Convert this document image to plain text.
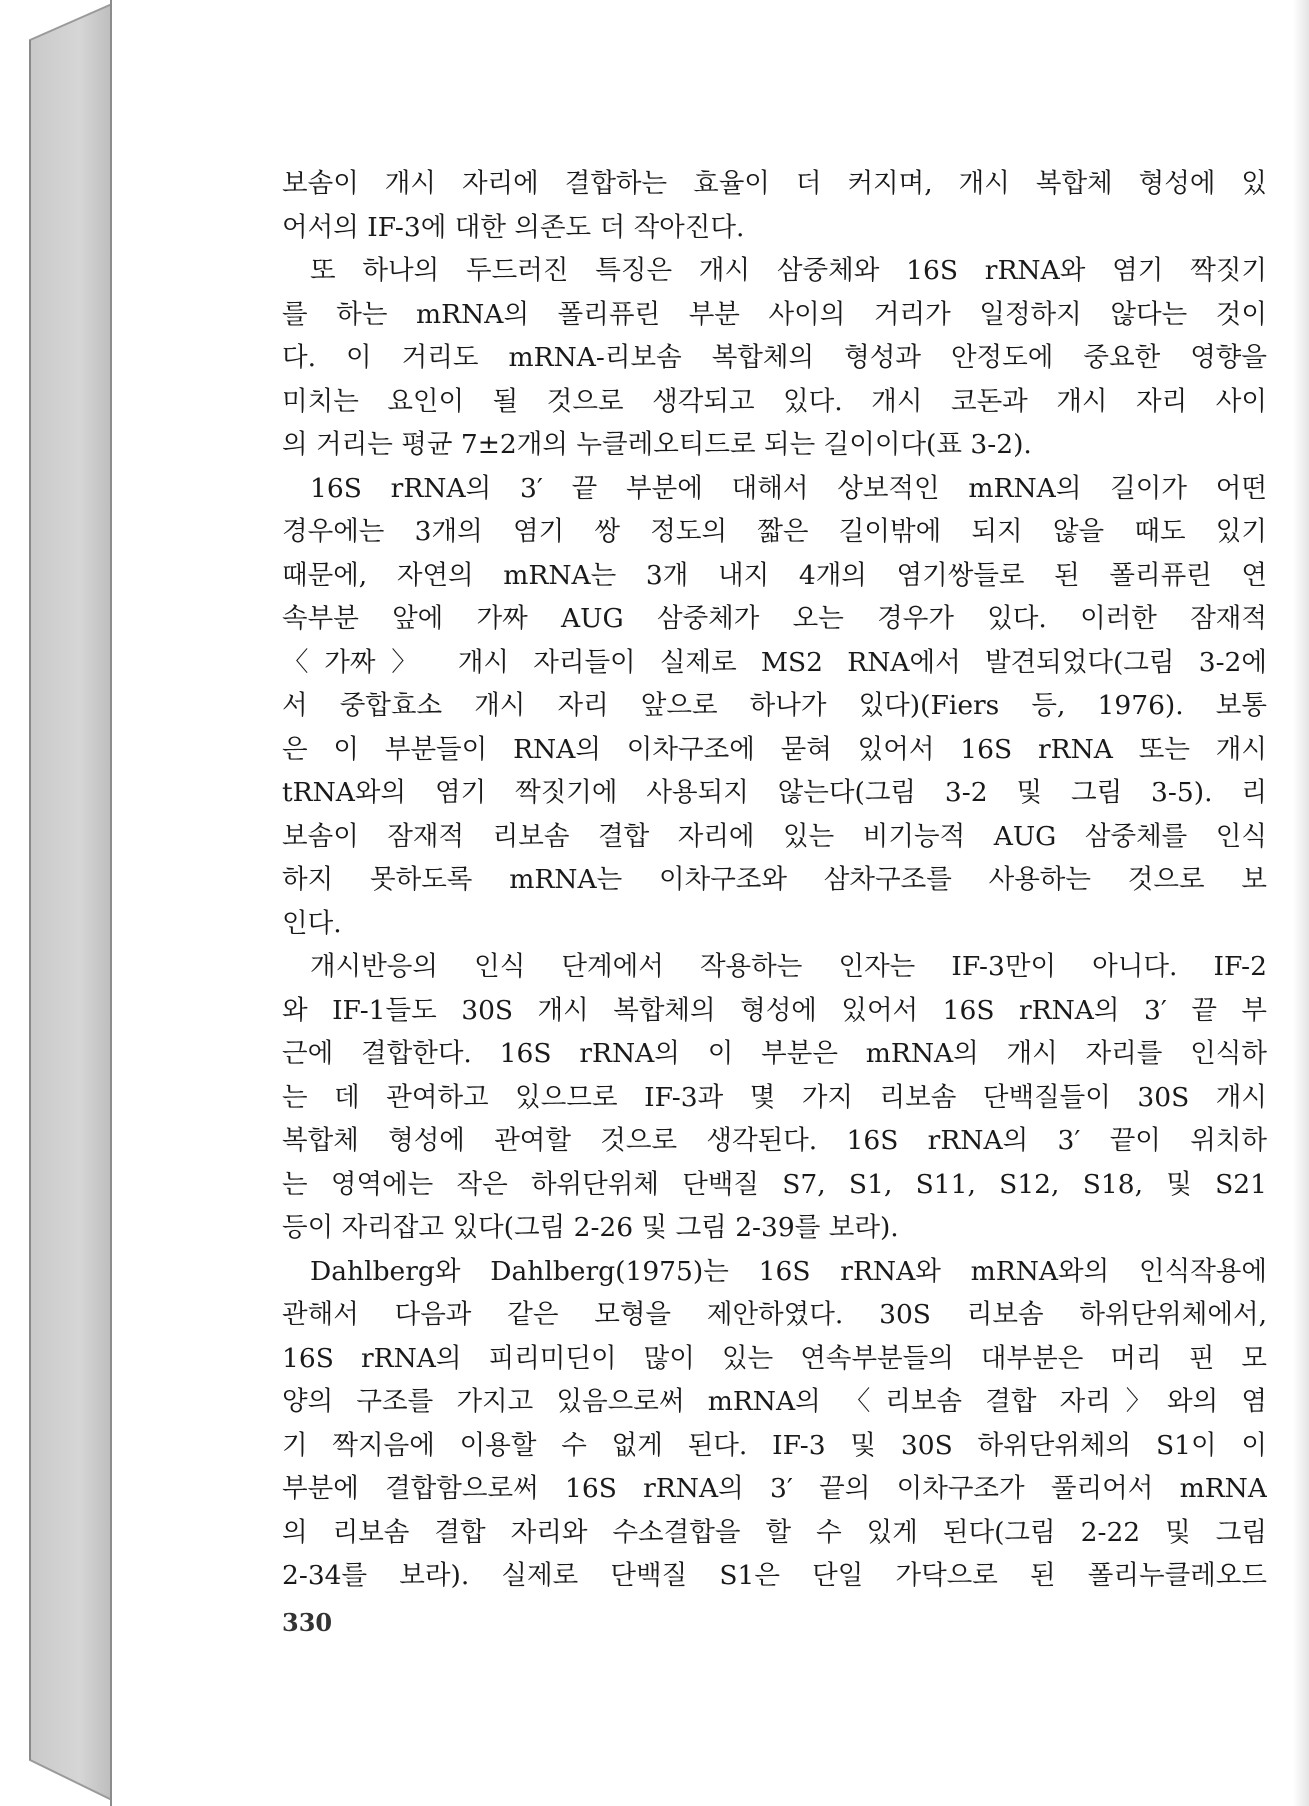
보솜이 개시 자리에 결합하는 효율이 더 커지며, 개시 복합체 형성에 있
어서의 IF-3에 대한 의존도 더 작아진다.
또 하나의 두드러진 특징은 개시 삼중체와 16S rRNA와 염기 짝짓기
를 하는 mRNA의 폴리퓨린 부분 사이의 거리가 일정하지 않다는 것이
다. 이 거리도 mRNA-리보솜 복합체의 형성과 안정도에 중요한 영향을
미치는 요인이 될 것으로 생각되고 있다. 개시 코돈과 개시 자리 사이
의 거리는 평균 7±2개의 누클레오티드로 되는 길이이다(표 3-2).
16S rRNA의 3′ 끝 부분에 대해서 상보적인 mRNA의 길이가 어떤
경우에는 3개의 염기 쌍 정도의 짧은 길이밖에 되지 않을 때도 있기
때문에, 자연의 mRNA는 3개 내지 4개의 염기쌍들로 된 폴리퓨린 연
속부분 앞에 가짜 AUG 삼중체가 오는 경우가 있다. 이러한 잠재적
〈가짜〉 개시 자리들이 실제로 MS2 RNA에서 발견되었다(그림 3-2에
서 중합효소 개시 자리 앞으로 하나가 있다)(Fiers 등, 1976). 보통
은 이 부분들이 RNA의 이차구조에 묻혀 있어서 16S rRNA 또는 개시
tRNA와의 염기 짝짓기에 사용되지 않는다(그림 3-2 및 그림 3-5). 리
보솜이 잠재적 리보솜 결합 자리에 있는 비기능적 AUG 삼중체를 인식
하지 못하도록 mRNA는 이차구조와 삼차구조를 사용하는 것으로 보
인다.
개시반응의 인식 단계에서 작용하는 인자는 IF-3만이 아니다. IF-2
와 IF-1들도 30S 개시 복합체의 형성에 있어서 16S rRNA의 3′ 끝 부
근에 결합한다. 16S rRNA의 이 부분은 mRNA의 개시 자리를 인식하
는 데 관여하고 있으므로 IF-3과 몇 가지 리보솜 단백질들이 30S 개시
복합체 형성에 관여할 것으로 생각된다. 16S rRNA의 3′ 끝이 위치하
는 영역에는 작은 하위단위체 단백질 S7, S1, S11, S12, S18, 및 S21
등이 자리잡고 있다(그림 2-26 및 그림 2-39를 보라).
Dahlberg와 Dahlberg(1975)는 16S rRNA와 mRNA와의 인식작용에
관해서 다음과 같은 모형을 제안하였다. 30S 리보솜 하위단위체에서,
16S rRNA의 피리미딘이 많이 있는 연속부분들의 대부분은 머리 핀 모
양의 구조를 가지고 있음으로써 mRNA의 〈리보솜 결합 자리〉와의 염
기 짝지음에 이용할 수 없게 된다. IF-3 및 30S 하위단위체의 S1이 이
부분에 결합함으로써 16S rRNA의 3′ 끝의 이차구조가 풀리어서 mRNA
의 리보솜 결합 자리와 수소결합을 할 수 있게 된다(그림 2-22 및 그림
2-34를 보라). 실제로 단백질 S1은 단일 가닥으로 된 폴리누클레오드
330
